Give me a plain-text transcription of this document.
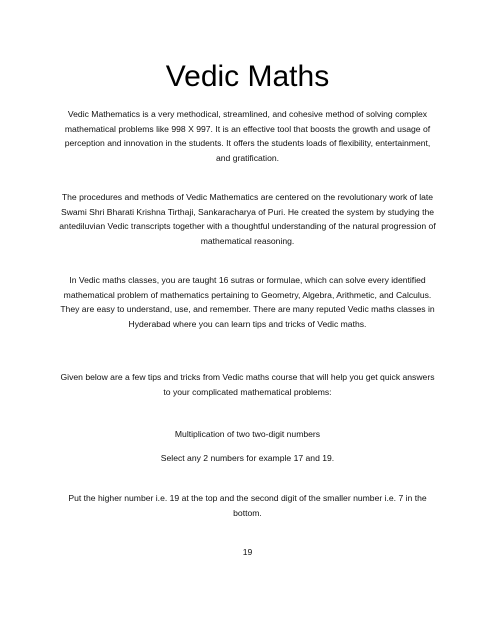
Vedic Maths
Vedic Mathematics is a very methodical, streamlined, and cohesive method of solving complex mathematical problems like 998 X 997. It is an effective tool that boosts the growth and usage of perception and innovation in the students. It offers the students loads of flexibility, entertainment, and gratification.
The procedures and methods of Vedic Mathematics are centered on the revolutionary work of late Swami Shri Bharati Krishna Tirthaji, Sankaracharya of Puri. He created the system by studying the antediluvian Vedic transcripts together with a thoughtful understanding of the natural progression of mathematical reasoning.
In Vedic maths classes, you are taught 16 sutras or formulae, which can solve every identified mathematical problem of mathematics pertaining to Geometry, Algebra, Arithmetic, and Calculus. They are easy to understand, use, and remember. There are many reputed Vedic maths classes in Hyderabad where you can learn tips and tricks of Vedic maths.
Given below are a few tips and tricks from Vedic maths course that will help you get quick answers to your complicated mathematical problems:
Multiplication of two two-digit numbers
Select any 2 numbers for example 17 and 19.
Put the higher number i.e. 19 at the top and the second digit of the smaller number i.e. 7 in the bottom.
19
